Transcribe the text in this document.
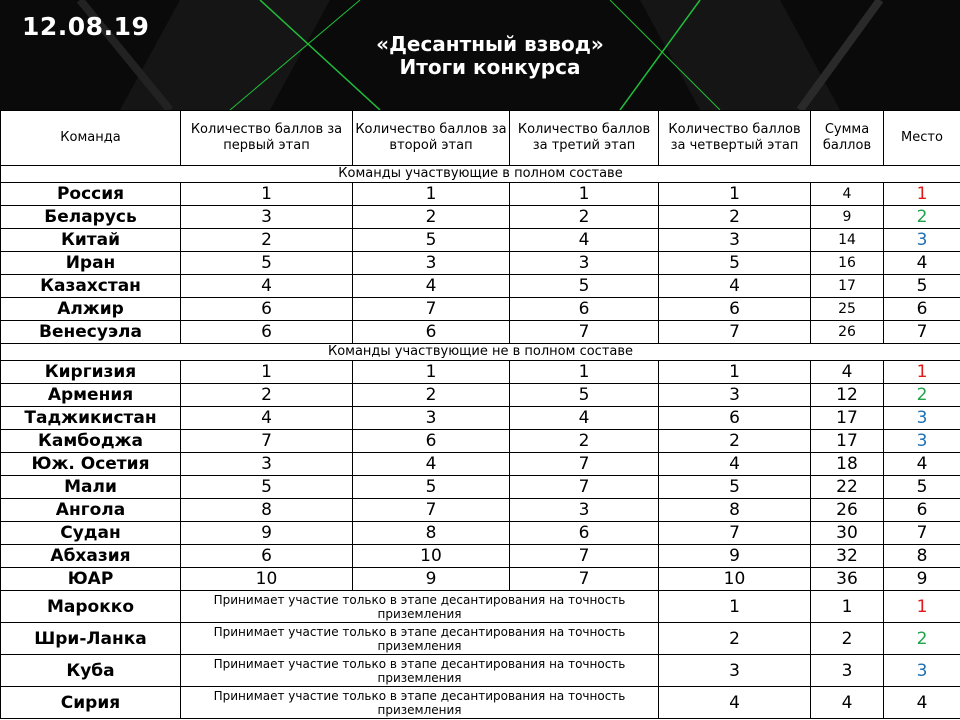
12.08.19
«Десантный взвод»
Итоги конкурса
Команда	Количество баллов за первый этап	Количество баллов за второй этап	Количество баллов за третий этап	Количество баллов за четвертый этап	Сумма баллов	Место
Команды участвующие в полном составе						
Россия	1	1	1	1	4	1
Беларусь	3	2	2	2	9	2
Китай	2	5	4	3	14	3
Иран	5	3	3	5	16	4
Казахстан	4	4	5	4	17	5
Алжир	6	7	6	6	25	6
Венесуэла	6	6	7	7	26	7
Команды участвующие не в полном составе						
Киргизия	1	1	1	1	4	1
Армения	2	2	5	3	12	2
Таджикистан	4	3	4	6	17	3
Камбоджа	7	6	2	2	17	3
Юж. Осетия	3	4	7	4	18	4
Мали	5	5	7	5	22	5
Ангола	8	7	3	8	26	6
Судан	9	8	6	7	30	7
Абхазия	6	10	7	9	32	8
ЮАР	10	9	7	10	36	9
Марокко	Принимает участие только в этапе десантирования на точность приземления			1	1	1
Шри-Ланка	Принимает участие только в этапе десантирования на точность приземления			2	2	2
Куба	Принимает участие только в этапе десантирования на точность приземления			3	3	3
Сирия	Принимает участие только в этапе десантирования на точность приземления			4	4	4
